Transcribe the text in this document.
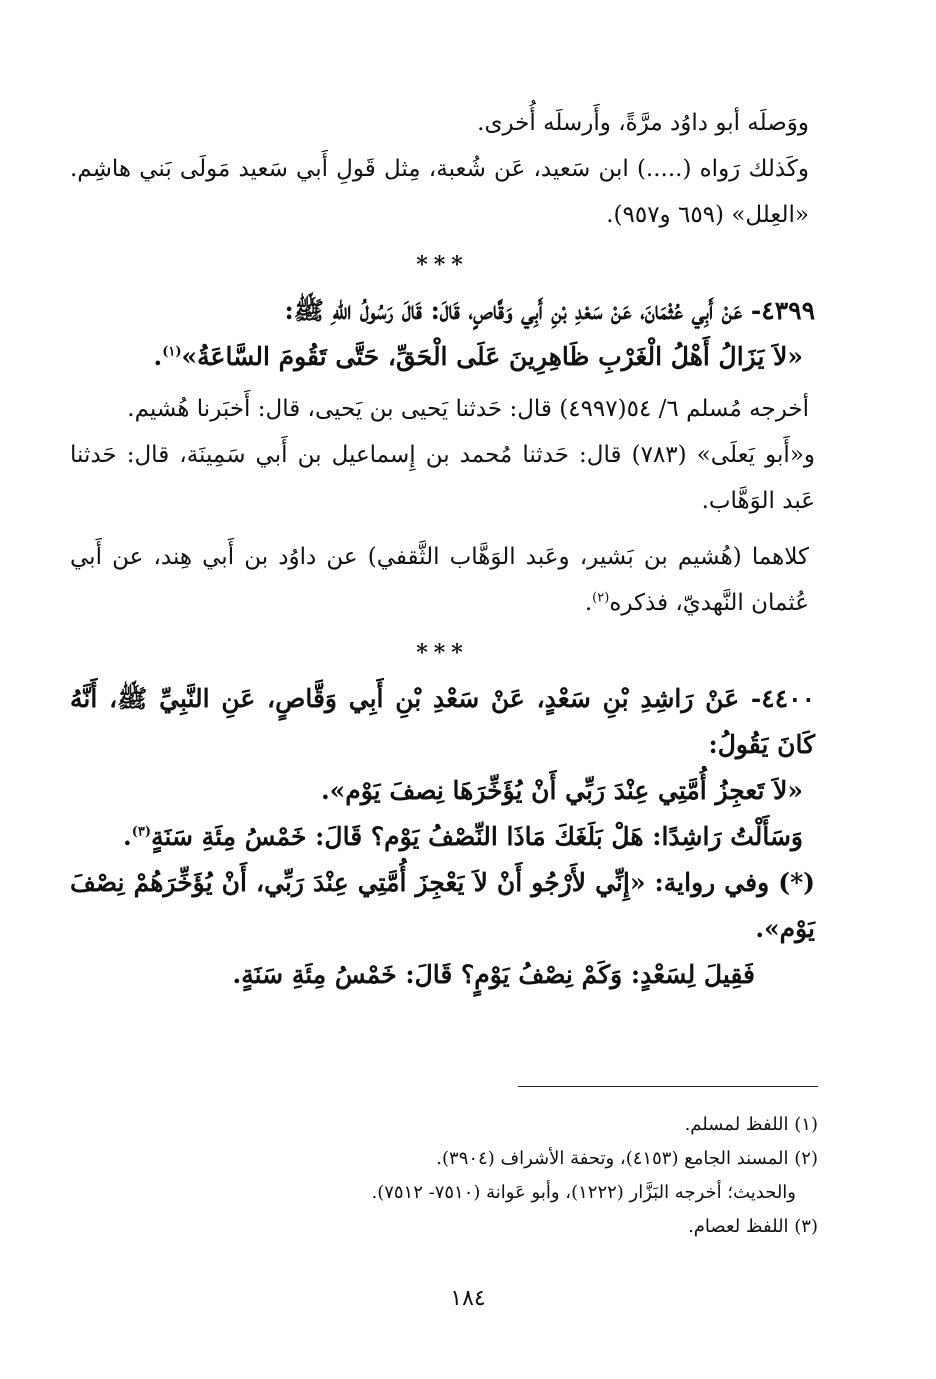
ووَصلَه أبو داوُد مرَّةً، وأَرسلَه أُخرى.

وكَذلك رَواه (.....) ابن سَعيد، عَن شُعبة، مِثل قَولِ أَبي سَعيد مَولَى بَني هاشِم. «العِلل» (٦٥٩ و٩٥٧).

***

٤٣٩٩- عَنْ أَبِي عُثْمَانَ، عَنْ سَعْدِ بْنِ أَبِي وَقَّاصٍ، قَالَ: قَالَ رَسُولُ اللهِ ﷺ:

«لاَ يَزَالُ أَهْلُ الْغَرْبِ ظَاهِرِينَ عَلَى الْحَقِّ، حَتَّى تَقُومَ السَّاعَةُ»$^{(١)}$.

أخرجه مُسلم ٦/ ٥٤(٤٩٩٧) قال: حَدثنا يَحيى بن يَحيى، قال: أَخبَرنا هُشيم.

و«أَبو يَعلَى» (٧٨٣) قال: حَدثنا مُحمد بن إِسماعيل بن أَبي سَمِينَة، قال: حَدثنا عَبد الوَهَّاب.

كلاهما (هُشيم بن بَشير، وعَبد الوَهَّاب الثَّقفي) عن داوُد بن أَبي هِند، عن أَبي عُثمان النَّهديّ، فذكره$^{(٢)}$.

***

٤٤٠٠- عَنْ رَاشِدِ بْنِ سَعْدٍ، عَنْ سَعْدِ بْنِ أَبِي وَقَّاصٍ، عَنِ النَّبِيِّ ﷺ، أَنَّهُ كَانَ يَقُولُ:

«لاَ تَعجِزُ أُمَّتِي عِنْدَ رَبِّي أَنْ يُؤَخِّرَهَا نِصفَ يَوْم».

وَسَأَلْتُ رَاشِدًا: هَلْ بَلَغَكَ مَاذَا النِّصْفُ يَوْم؟ قَالَ: خَمْسُ مِئَةِ سَنَةٍ$^{(٣)}$.

(*) وفي رواية: «إِنِّي لأَرْجُو أَنْ لاَ يَعْجِزَ أُمَّتِي عِنْدَ رَبِّي، أَنْ يُؤَخِّرَهُمْ نِصْفَ يَوْم».

فَقِيلَ لِسَعْدٍ: وَكَمْ نِصْفُ يَوْمٍ؟ قَالَ: خَمْسُ مِئَةِ سَنَةٍ.

(١) اللفظ لمسلم.

(٢) المسند الجامع (٤١٥٣)، وتحفة الأشراف (٣٩٠٤).

والحديث؛ أخرجه البَزَّار (١٢٢٢)، وأبو عَوانة (٧٥١٠- ٧٥١٢).

(٣) اللفظ لعصام.

١٨٤
